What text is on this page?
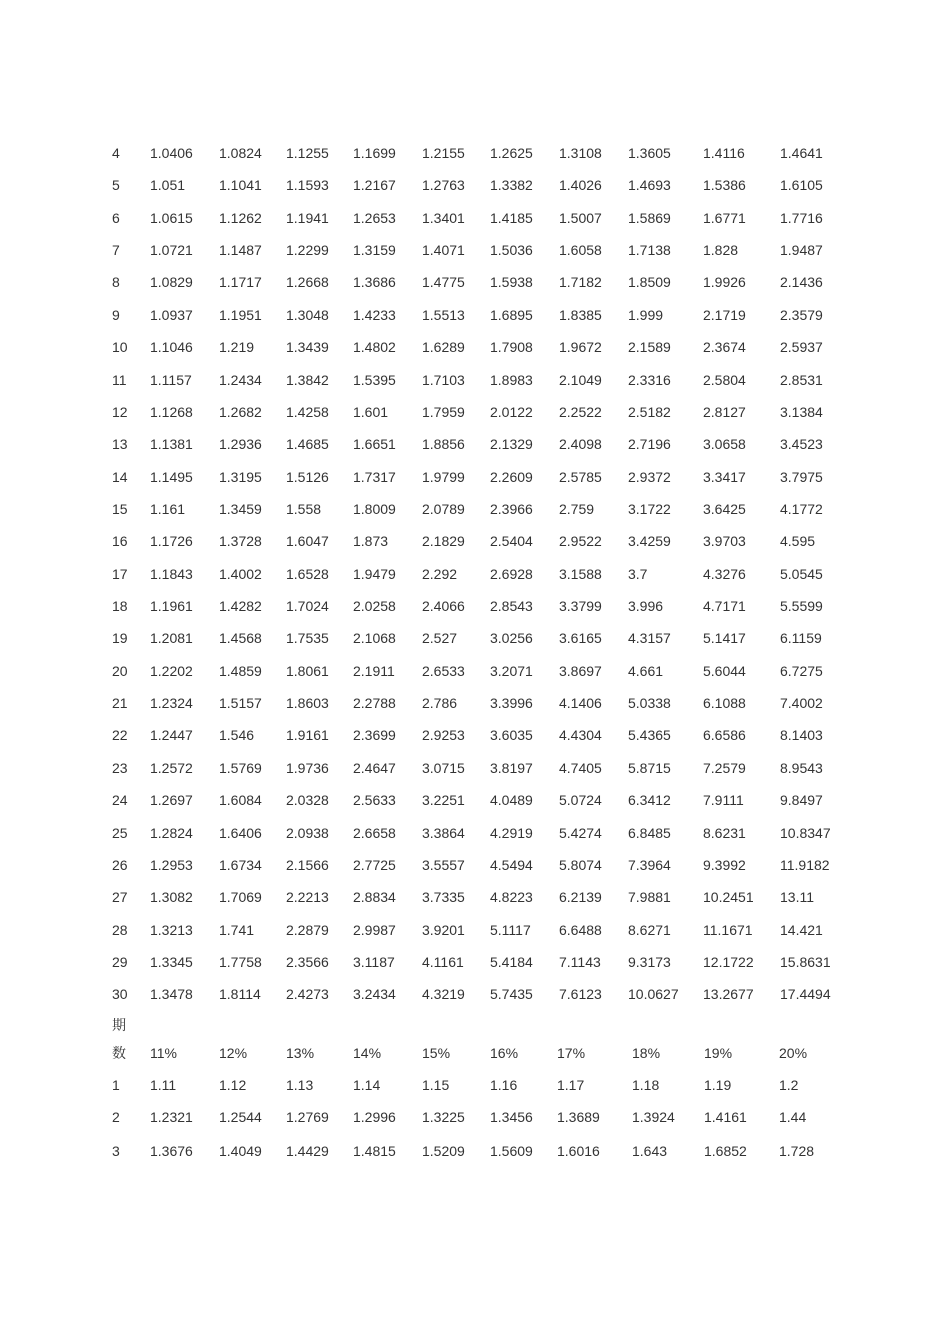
4 1.0406 1.0824 1.1255 1.1699 1.2155 1.2625 1.3108 1.3605 1.4116	1.4641
5 1.051 1.1041 1.1593 1.2167 1.2763 1.3382 1.4026 1.4693 1.5386 1.6105
6 1.0615 1.1262 1.1941 1.2653 1.3401 1.4185 1.5007 1.5869 1.6771 1.7716
7 1.0721 1.1487 1.2299 1.3159 1.4071 1.5036 1.6058 1.7138 1.828	1.9487
8 1.0829 1.1717 1.2668 1.3686 1.4775 1.5938 1.7182 1.8509 1.9926 2.1436
9 1.0937 1.1951 1.3048 1.4233 1.5513 1.6895 1.8385 1.999	2.1719 2.3579
10 1.1046 1.219 1.3439 1.4802 1.6289 1.7908 1.9672 2.1589 2.3674 2.5937
11 1.1157 1.2434 1.3842 1.5395 1.7103 1.8983 2.1049 2.3316 2.5804 2.8531
12 1.1268 1.2682 1.4258 1.601 1.7959 2.0122 2.2522 2.5182 2.8127 3.1384
13 1.1381 1.2936 1.4685 1.6651 1.8856 2.1329 2.4098 2.7196 3.0658 3.4523
14 1.1495 1.3195 1.5126 1.7317 1.9799 2.2609 2.5785 2.9372 3.3417 3.7975
15 1.161 1.3459 1.558 1.8009 2.0789 2.3966 2.759 3.1722 3.6425 4.1772
16 1.1726 1.3728 1.6047 1.873 2.1829 2.5404 2.9522 3.4259 3.9703 4.595
17 1.1843 1.4002 1.6528 1.9479 2.292 2.6928 3.1588 3.7	4.3276 5.0545
18 1.1961 1.4282 1.7024 2.0258 2.4066 2.8543 3.3799 3.996	4.7171 5.5599
19 1.2081 1.4568 1.7535 2.1068 2.527 3.0256 3.6165 4.3157 5.1417 6.1159
20 1.2202 1.4859 1.8061 2.1911 2.6533 3.2071 3.8697 4.661	5.6044 6.7275
21 1.2324 1.5157 1.8603 2.2788 2.786 3.3996 4.1406 5.0338 6.1088 7.4002
22 1.2447 1.546 1.9161 2.3699 2.9253 3.6035 4.4304 5.4365 6.6586 8.1403
23 1.2572 1.5769 1.9736 2.4647 3.0715 3.8197 4.7405 5.8715 7.2579 8.9543
24 1.2697 1.6084 2.0328 2.5633 3.2251 4.0489 5.0724 6.3412 7.9111	9.8497
25 1.2824 1.6406 2.0938 2.6658 3.3864 4.2919 5.4274 6.8485 8.6231 10.8347
26 1.2953 1.6734 2.1566 2.7725 3.5557 4.5494 5.8074 7.3964 9.3992 11.9182
27 1.3082 1.7069 2.2213 2.8834 3.7335 4.8223 6.2139 7.9881 10.2451 13.11
28 1.3213 1.741 2.2879 2.9987 3.9201 5.1117 6.6488 8.6271 11.1671 14.421
29 1.3345 1.7758 2.3566 3.1187 4.1161 5.4184 7.1143 9.3173 12.1722 15.8631
30 1.3478 1.8114 2.4273 3.2434 4.3219 5.7435 7.6123 10.0627 13.2677 17.4494
期
数 11%	12%	13%	14%	15%	16%	17%	18%	19%	20%
1 1.11	1.12	1.13	1.14	1.15	1.16	1.17	1.18	1.19	1.2
2 1.2321 1.2544 1.2769 1.2996 1.3225 1.3456 1.3689 1.3924 1.4161 1.44
3 1.3676 1.4049 1.4429 1.4815 1.5209 1.5609 1.6016 1.643	1.6852 1.728
